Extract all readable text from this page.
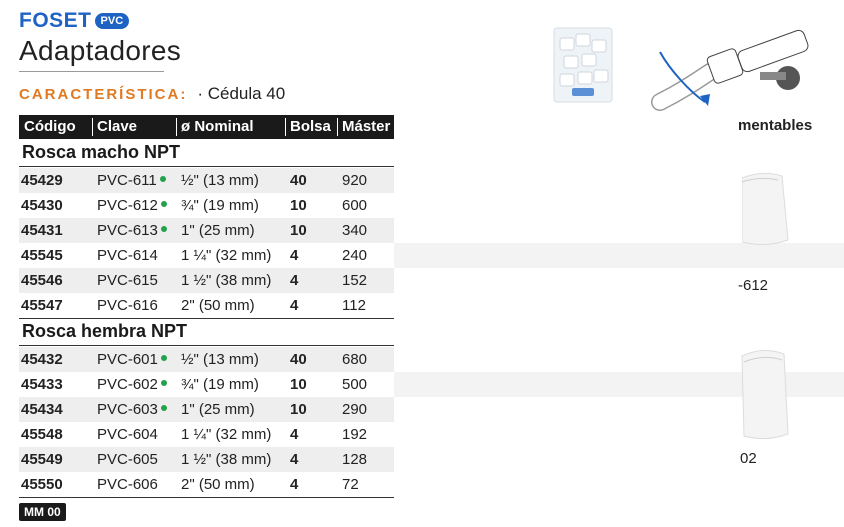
FOSET PVC
Adaptadores
CARACTERÍSTICA: · Cédula 40
Código Clave	ø Nominal Bolsa Máster
Rosca macho NPT
45429 PVC-611	½" (13 mm) 40 920
45430 PVC-612	¾" (19 mm) 10 600
45431 PVC-613	1" (25 mm) 10 340
45545 PVC-614 1 ¼" (32 mm) 4	240
45546 PVC-615 1 ½" (38 mm) 4	152
45547 PVC-616 2" (50 mm) 4	112
Rosca hembra NPT
45432 PVC-601	½" (13 mm) 40 680
45433 PVC-602	¾" (19 mm) 10 500
45434 PVC-603	1" (25 mm) 10 290
45548 PVC-604 1 ¼" (32 mm) 4	192
45549 PVC-605 1 ½" (38 mm) 4	128
45550 PVC-606 2" (50 mm) 4	72
MM 00
mentables
-612
02
